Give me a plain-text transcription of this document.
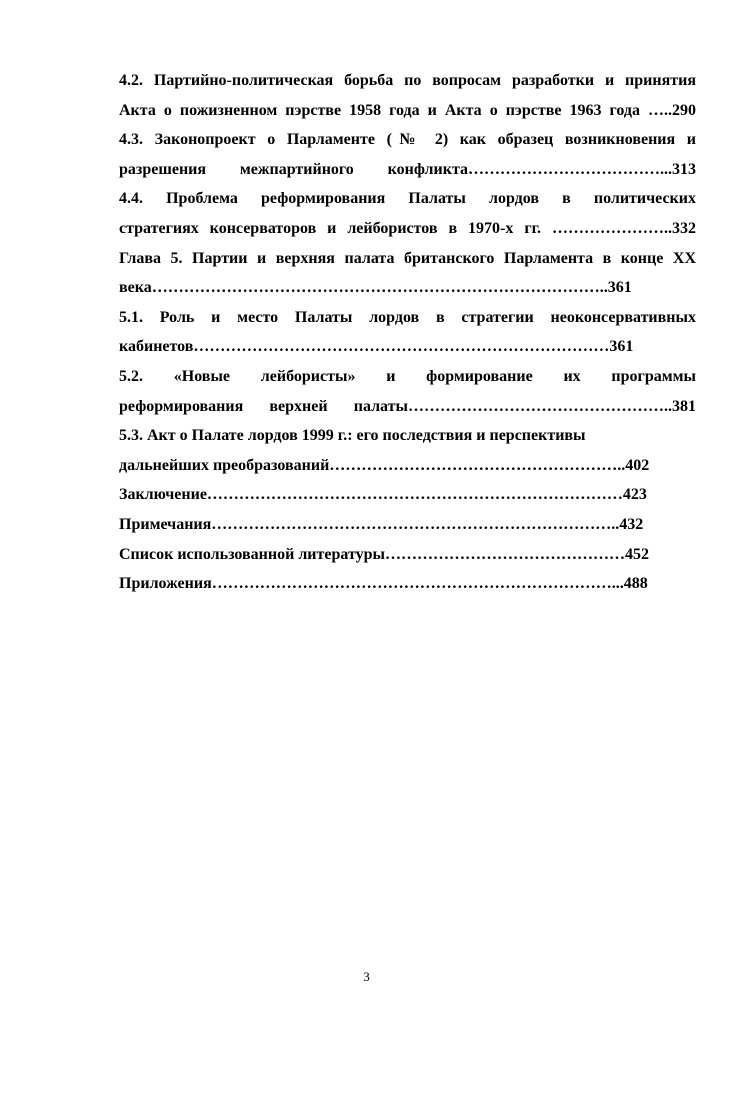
4.2. Партийно-политическая борьба по вопросам разработки и принятия
Акта о пожизненном пэрстве 1958 года и Акта о пэрстве 1963 года …..290
4.3. Законопроект о Парламенте (№ 2) как образец возникновения и
разрешения межпартийного конфликта………………………………...313
4.4. Проблема реформирования Палаты лордов в политических
стратегиях консерваторов и лейбористов в 1970-х гг. …………………..332
Глава 5. Партии и верхняя палата британского Парламента в конце XX
века…………………………………………………………………………..361
5.1. Роль и место Палаты лордов в стратегии неоконсервативных
кабинетов……………………………………………………………………361
5.2. «Новые лейбористы» и формирование их программы
реформирования верхней палаты…………………………………………..381
5.3. Акт о Палате лордов 1999 г.: его последствия и перспективы
дальнейших преобразований………………………………………………..402
Заключение……………………………………………………………………423
Примечания…………………………………………………………………..432
Список использованной литературы………………………………………452
Приложения…………………………………………………………………...488
3
